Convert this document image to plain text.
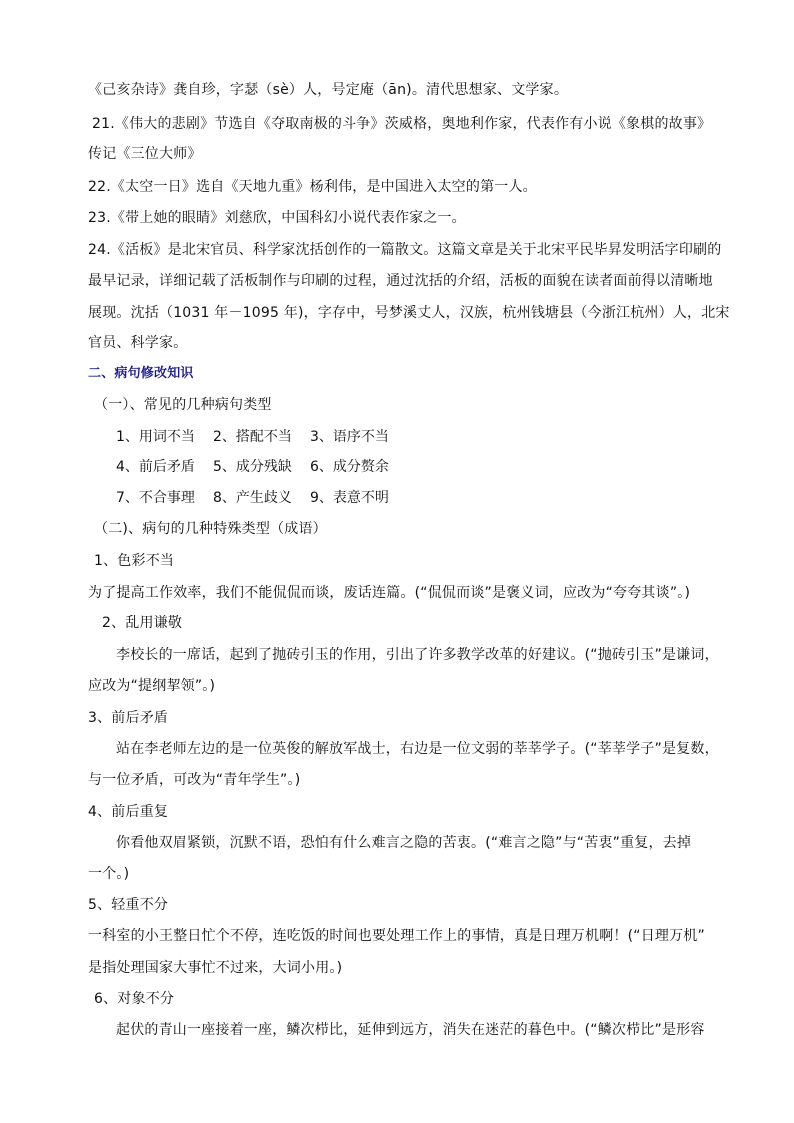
《己亥杂诗》龚自珍，字瑟（sè）人，号定庵（ān)。清代思想家、文学家。
21.《伟大的悲剧》节选自《夺取南极的斗争》茨威格，奥地利作家，代表作有小说《象棋的故事》
传记《三位大师》
22.《太空一日》选自《天地九重》杨利伟，是中国进入太空的第一人。
23.《带上她的眼睛》刘慈欣，中国科幻小说代表作家之一。
24.《活板》是北宋官员、科学家沈括创作的一篇散文。这篇文章是关于北宋平民毕昇发明活字印刷的
最早记录，详细记载了活板制作与印刷的过程，通过沈括的介绍，活板的面貌在读者面前得以清晰地
展现。沈括（1031 年－1095 年)，字存中，号梦溪丈人，汉族，杭州钱塘县（今浙江杭州）人，北宋
官员、科学家。
二、病句修改知识
（一）、常见的几种病句类型
1、用词不当 2、搭配不当 3、语序不当
4、前后矛盾 5、成分残缺 6、成分赘余
7、不合事理 8、产生歧义 9、表意不明
（二)、病句的几种特殊类型（成语）
1、色彩不当
为了提高工作效率，我们不能侃侃而谈，废话连篇。(“侃侃而谈”是褒义词，应改为“夸夸其谈”。)
2、乱用谦敬
李校长的一席话，起到了抛砖引玉的作用，引出了许多教学改革的好建议。(“抛砖引玉”是谦词，
应改为“提纲挈领”。)
3、前后矛盾
站在李老师左边的是一位英俊的解放军战士，右边是一位文弱的莘莘学子。(“莘莘学子”是复数，
与一位矛盾，可改为“青年学生”。)
4、前后重复
你看他双眉紧锁，沉默不语，恐怕有什么难言之隐的苦衷。(“难言之隐”与“苦衷”重复，去掉
一个。)
5、轻重不分
一科室的小王整日忙个不停，连吃饭的时间也要处理工作上的事情，真是日理万机啊！(“日理万机”
是指处理国家大事忙不过来，大词小用。)
6、对象不分
起伏的青山一座接着一座，鳞次栉比，延伸到远方，消失在迷茫的暮色中。(“鳞次栉比”是形容
